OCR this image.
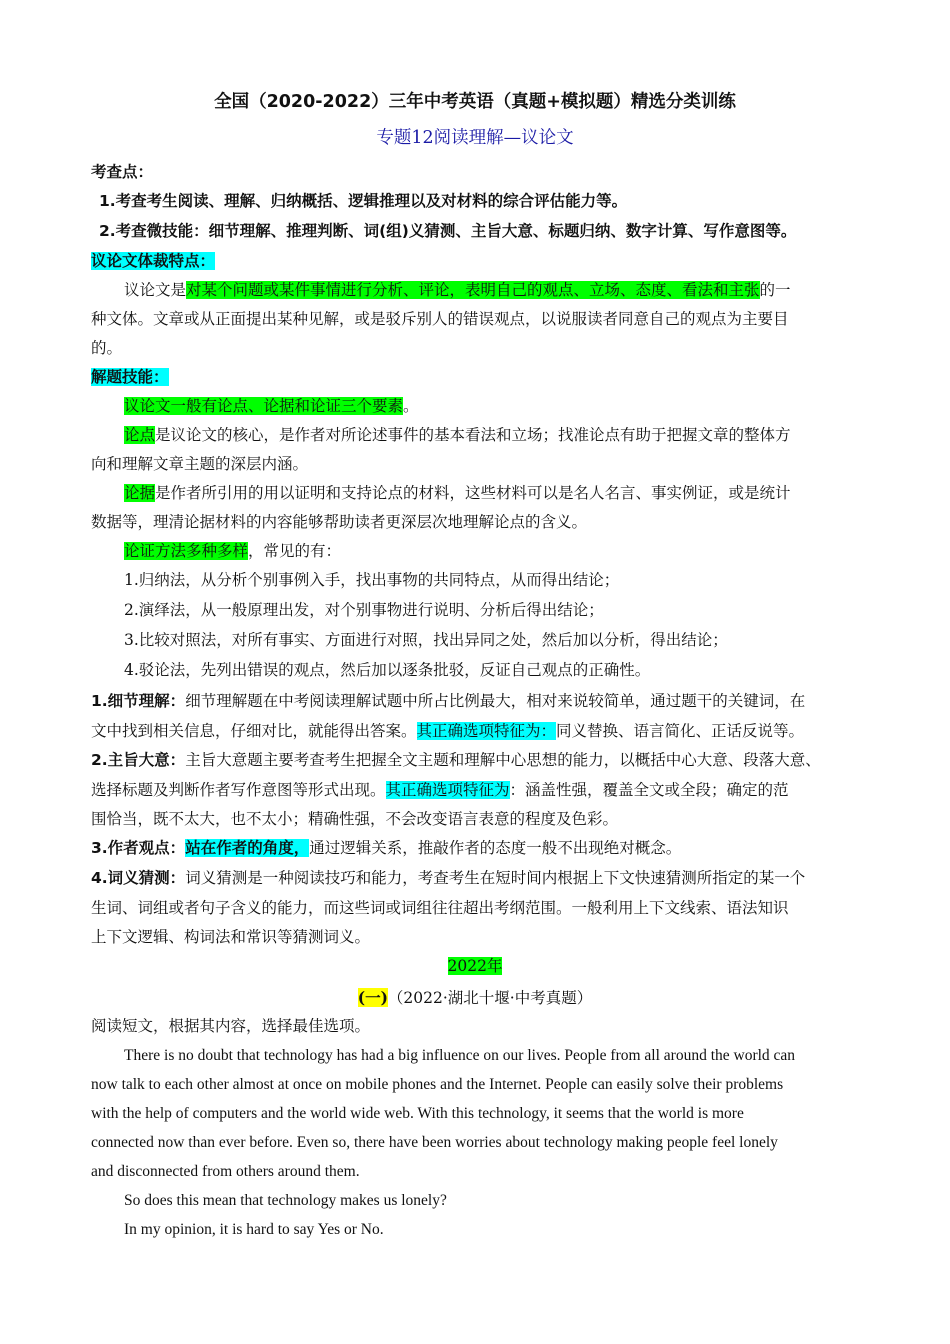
全国（2020-2022）三年中考英语（真题+模拟题）精选分类训练
专题12阅读理解—议论文
考查点：
1.考查考生阅读、理解、归纳概括、逻辑推理以及对材料的综合评估能力等。
2.考查微技能：细节理解、推理判断、词(组)义猜测、主旨大意、标题归纳、数字计算、写作意图等。
议论文体裁特点：
议论文是对某个问题或某件事情进行分析、评论，表明自己的观点、立场、态度、看法和主张的一
种文体。文章或从正面提出某种见解，或是驳斥别人的错误观点，以说服读者同意自己的观点为主要目
的。
解题技能：
议论文一般有论点、论据和论证三个要素。
论点是议论文的核心，是作者对所论述事件的基本看法和立场；找准论点有助于把握文章的整体方
向和理解文章主题的深层内涵。
论据是作者所引用的用以证明和支持论点的材料，这些材料可以是名人名言、事实例证，或是统计
数据等，理清论据材料的内容能够帮助读者更深层次地理解论点的含义。
论证方法多种多样，常见的有：
1.归纳法，从分析个别事例入手，找出事物的共同特点，从而得出结论；
2.演绎法，从一般原理出发，对个别事物进行说明、分析后得出结论；
3.比较对照法，对所有事实、方面进行对照，找出异同之处，然后加以分析，得出结论；
4.驳论法，先列出错误的观点，然后加以逐条批驳，反证自己观点的正确性。
1.细节理解：细节理解题在中考阅读理解试题中所占比例最大，相对来说较简单，通过题干的关键词，在
文中找到相关信息，仔细对比，就能得出答案。其正确选项特征为：同义替换、语言简化、正话反说等。
2.主旨大意：主旨大意题主要考查考生把握全文主题和理解中心思想的能力，以概括中心大意、段落大意、
选择标题及判断作者写作意图等形式出现。其正确选项特征为：涵盖性强，覆盖全文或全段；确定的范
围恰当，既不太大，也不太小；精确性强，不会改变语言表意的程度及色彩。
3.作者观点：站在作者的角度，通过逻辑关系，推敲作者的态度一般不出现绝对概念。
4.词义猜测：词义猜测是一种阅读技巧和能力，考查考生在短时间内根据上下文快速猜测所指定的某一个
生词、词组或者句子含义的能力，而这些词或词组往往超出考纲范围。一般利用上下文线索、语法知识
上下文逻辑、构词法和常识等猜测词义。
2022年
(一)（2022·湖北十堰·中考真题）
阅读短文，根据其内容，选择最佳选项。
There is no doubt that technology has had a big influence on our lives. People from all around the world can
now talk to each other almost at once on mobile phones and the Internet. People can easily solve their problems
with the help of computers and the world wide web. With this technology, it seems that the world is more
connected now than ever before. Even so, there have been worries about technology making people feel lonely
and disconnected from others around them.
So does this mean that technology makes us lonely?
In my opinion, it is hard to say Yes or No.
